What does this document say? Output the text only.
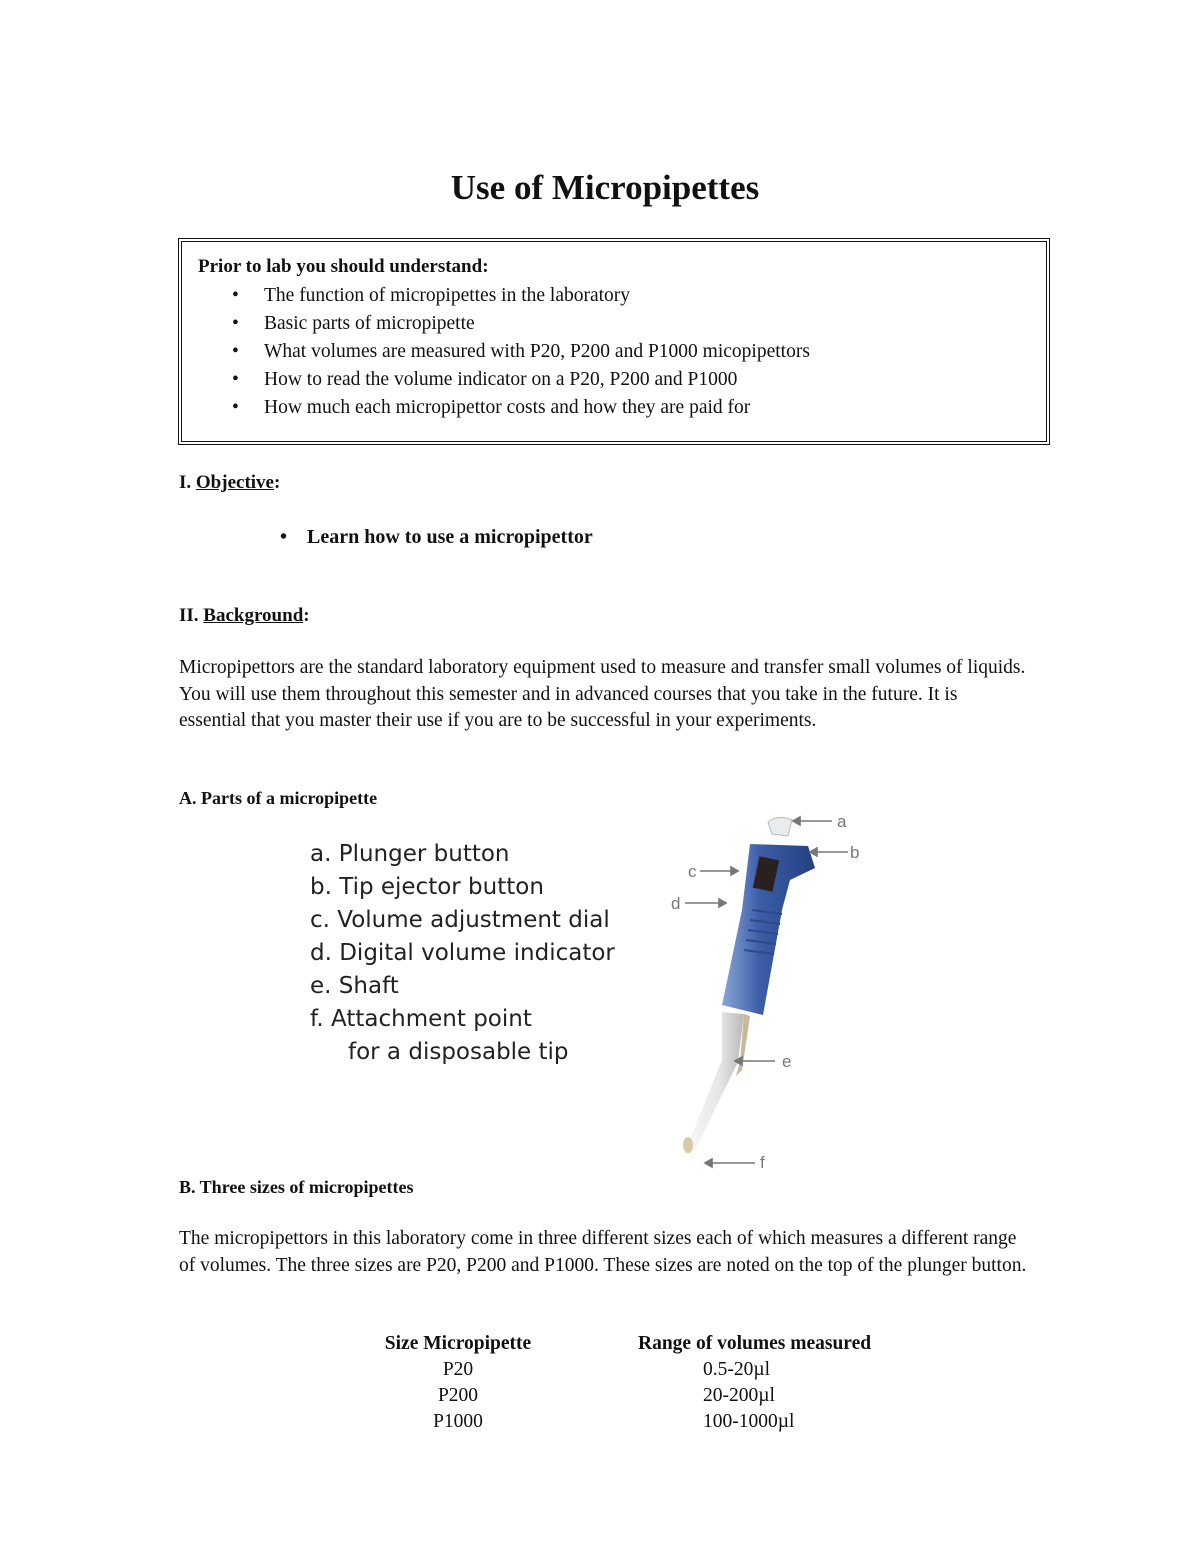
Use of Micropipettes
Prior to lab you should understand:
• The function of micropipettes in the laboratory
• Basic parts of micropipette
• What volumes are measured with P20, P200 and P1000 micopipettors
• How to read the volume indicator on a P20, P200 and P1000
• How much each micropipettor costs and how they are paid for
I. Objective:
•    Learn how to use a micropipettor
II. Background:
Micropipettors are the standard laboratory equipment used to measure and transfer small volumes of liquids. You will use them throughout this semester and in advanced courses that you take in the future. It is essential that you master their use if you are to be successful in your experiments.
A. Parts of a micropipette
a. Plunger button
b. Tip ejector button
c. Volume adjustment dial
d. Digital volume indicator
e. Shaft
f. Attachment point
for a disposable tip
a
b
c
d
e
f
B. Three sizes of micropipettes
The micropipettors in this laboratory come in three different sizes each of which measures a different range of volumes. The three sizes are P20, P200 and P1000. These sizes are noted on the top of the plunger button.
Size Micropipette
P20
P200
P1000
Range of volumes measured
0.5-20µl
20-200µl
100-1000µl
